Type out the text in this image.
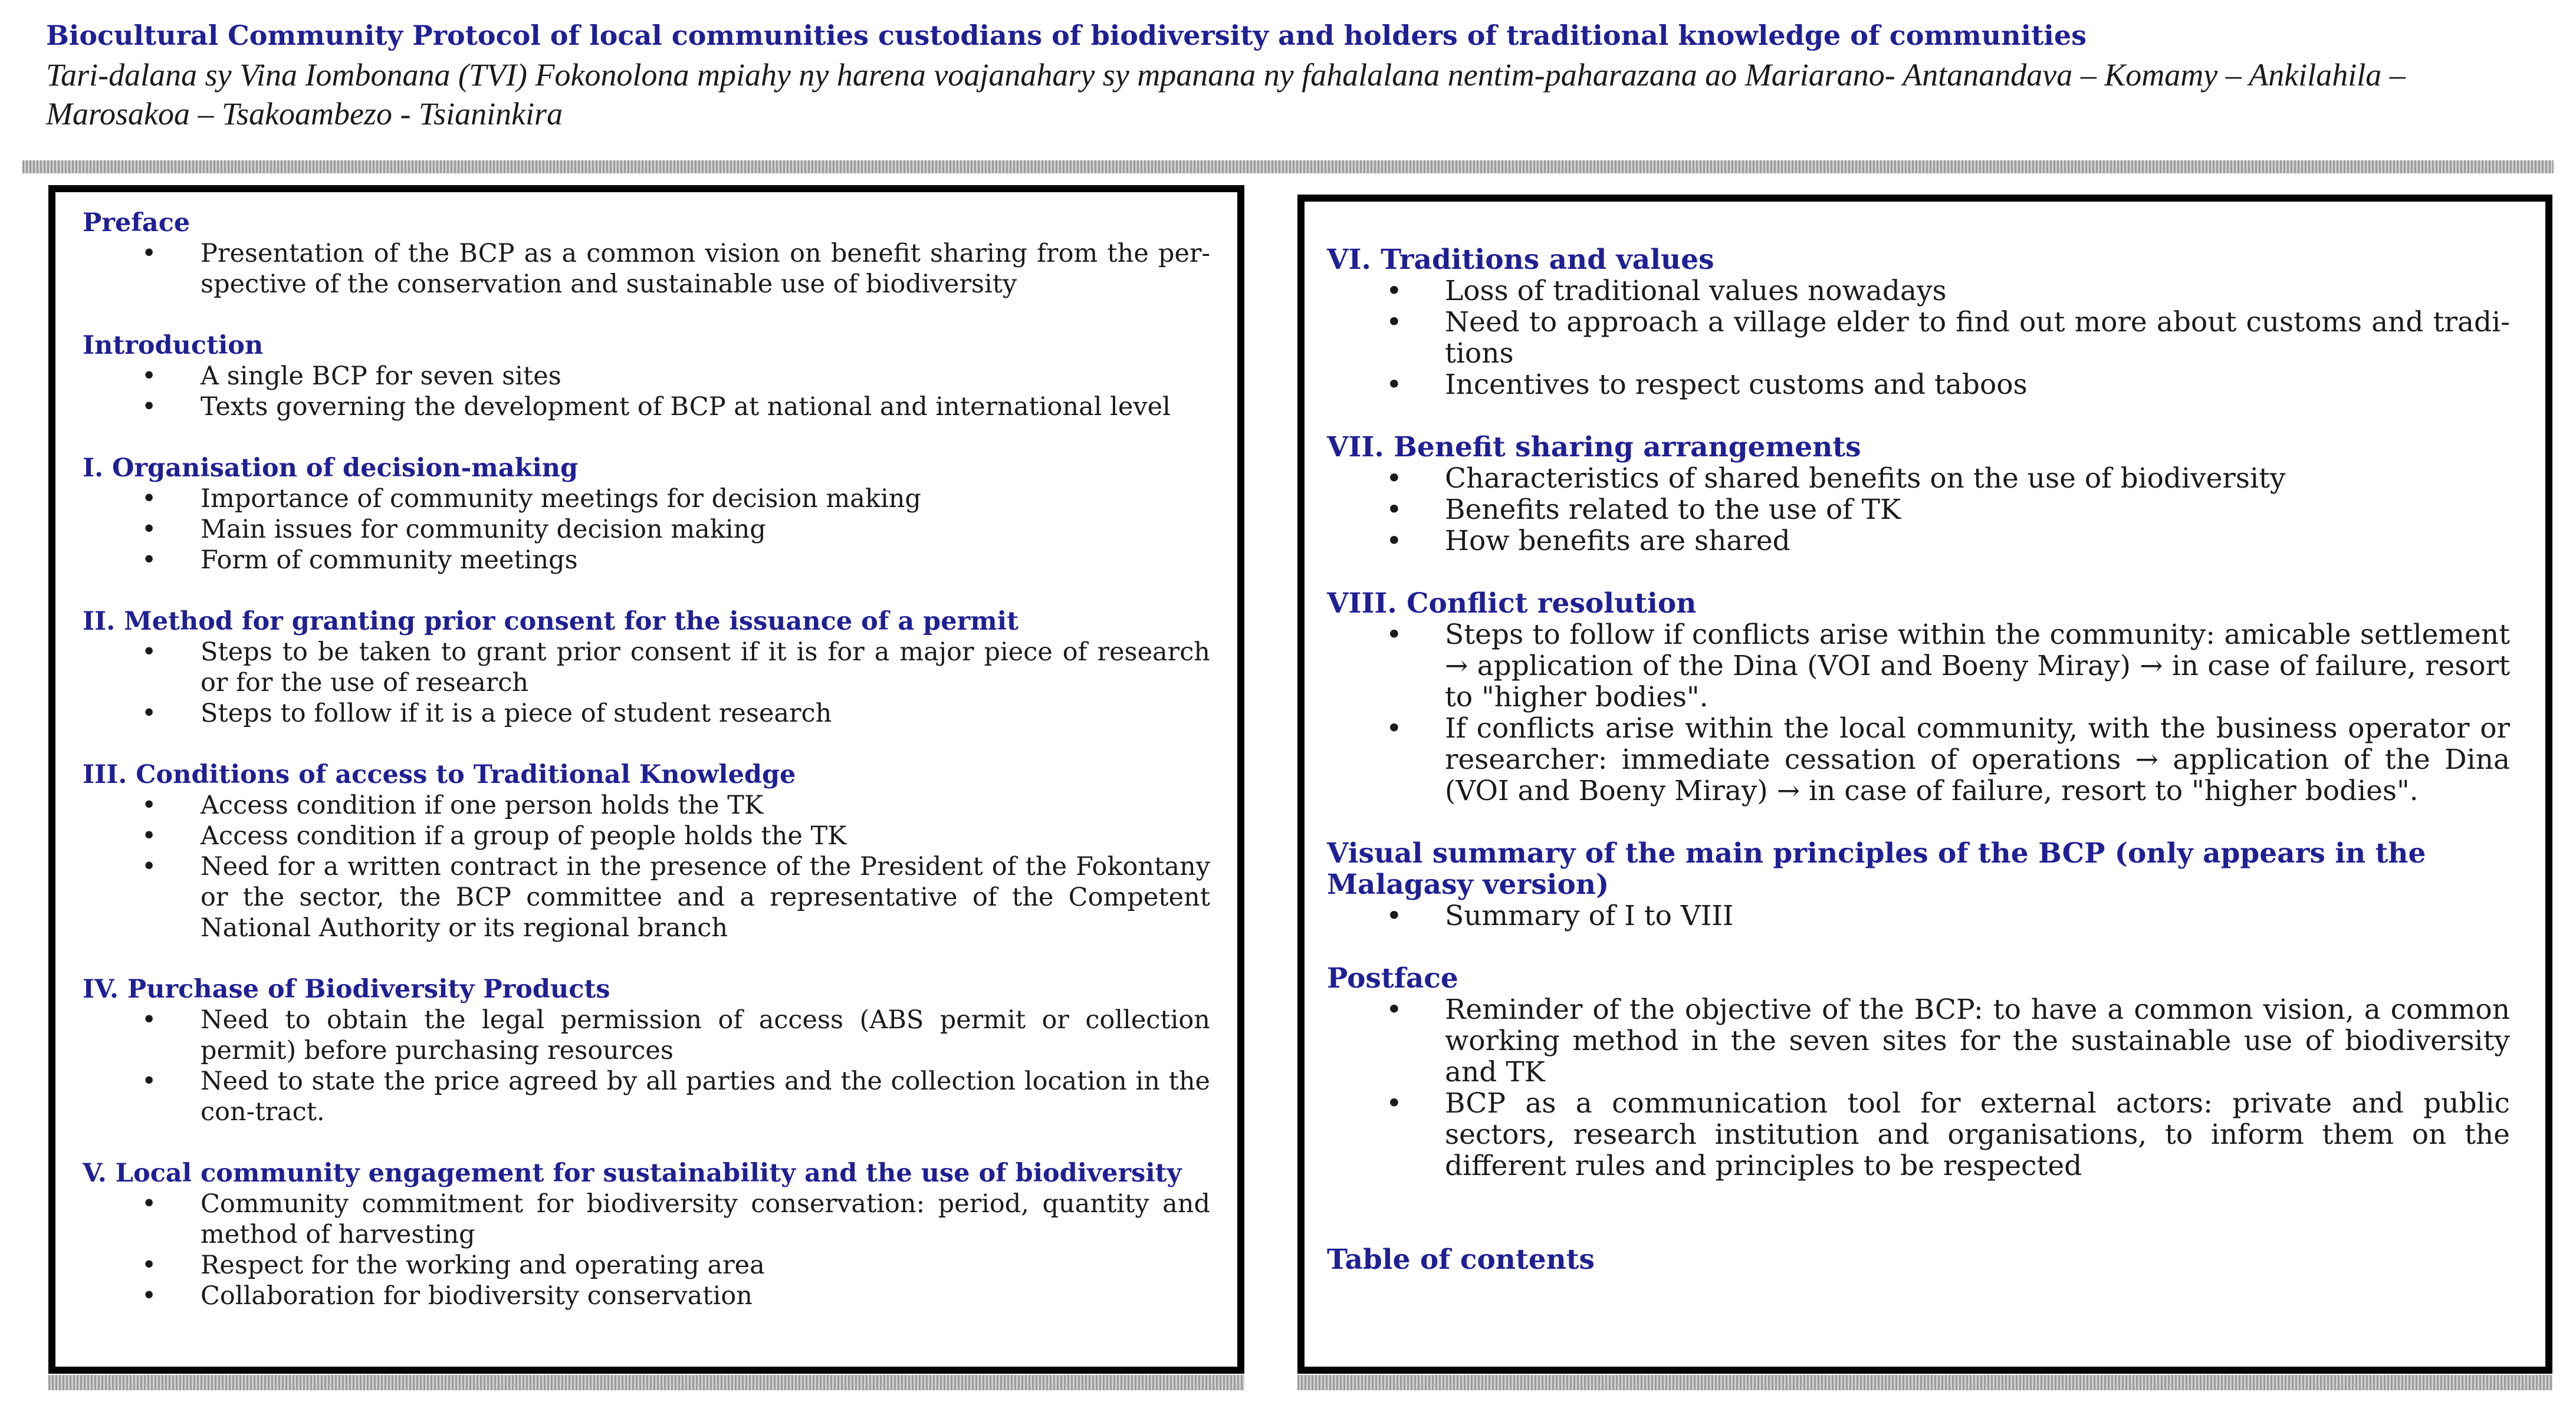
Biocultural Community Protocol of local communities custodians of biodiversity and holders of traditional knowledge of communities

Tari-dalana sy Vina Iombonana (TVI) Fokonolona mpiahy ny harena voajanahary sy mpanana ny fahalalana nentim-paharazana ao Mariarano- Antanandava – Komamy – Ankilahila – Marosakoa – Tsakoambezo - Tsianinkira

Preface
• Presentation of the BCP as a common vision on benefit sharing from the per-spective of the conservation and sustainable use of biodiversity
Introduction
• A single BCP for seven sites
• Texts governing the development of BCP at national and international level
I. Organisation of decision-making
• Importance of community meetings for decision making
• Main issues for community decision making
• Form of community meetings
II. Method for granting prior consent for the issuance of a permit
• Steps to be taken to grant prior consent if it is for a major piece of research or for the use of research
• Steps to follow if it is a piece of student research
III. Conditions of access to Traditional Knowledge
• Access condition if one person holds the TK
• Access condition if a group of people holds the TK
• Need for a written contract in the presence of the President of the Fokontany or the sector, the BCP committee and a representative of the Competent National Authority or its regional branch
IV. Purchase of Biodiversity Products
• Need to obtain the legal permission of access (ABS permit or collection permit) before purchasing resources
• Need to state the price agreed by all parties and the collection location in the con-tract.
V. Local community engagement for sustainability and the use of biodiversity
• Community commitment for biodiversity conservation: period, quantity and method of harvesting
• Respect for the working and operating area
• Collaboration for biodiversity conservation
VI. Traditions and values
• Loss of traditional values nowadays
• Need to approach a village elder to find out more about customs and tradi-tions
• Incentives to respect customs and taboos
VII. Benefit sharing arrangements
• Characteristics of shared benefits on the use of biodiversity
• Benefits related to the use of TK
• How benefits are shared
VIII. Conflict resolution
• Steps to follow if conflicts arise within the community: amicable settlement → application of the Dina (VOI and Boeny Miray) → in case of failure, resort to "higher bodies".
• If conflicts arise within the local community, with the business operator or researcher: immediate cessation of operations → application of the Dina (VOI and Boeny Miray) → in case of failure, resort to "higher bodies".
Visual summary of the main principles of the BCP (only appears in the Malagasy version)
• Summary of I to VIII
Postface
• Reminder of the objective of the BCP: to have a common vision, a common working method in the seven sites for the sustainable use of biodiversity and TK
• BCP as a communication tool for external actors: private and public sectors, research institution and organisations, to inform them on the different rules and principles to be respected
Table of contents
